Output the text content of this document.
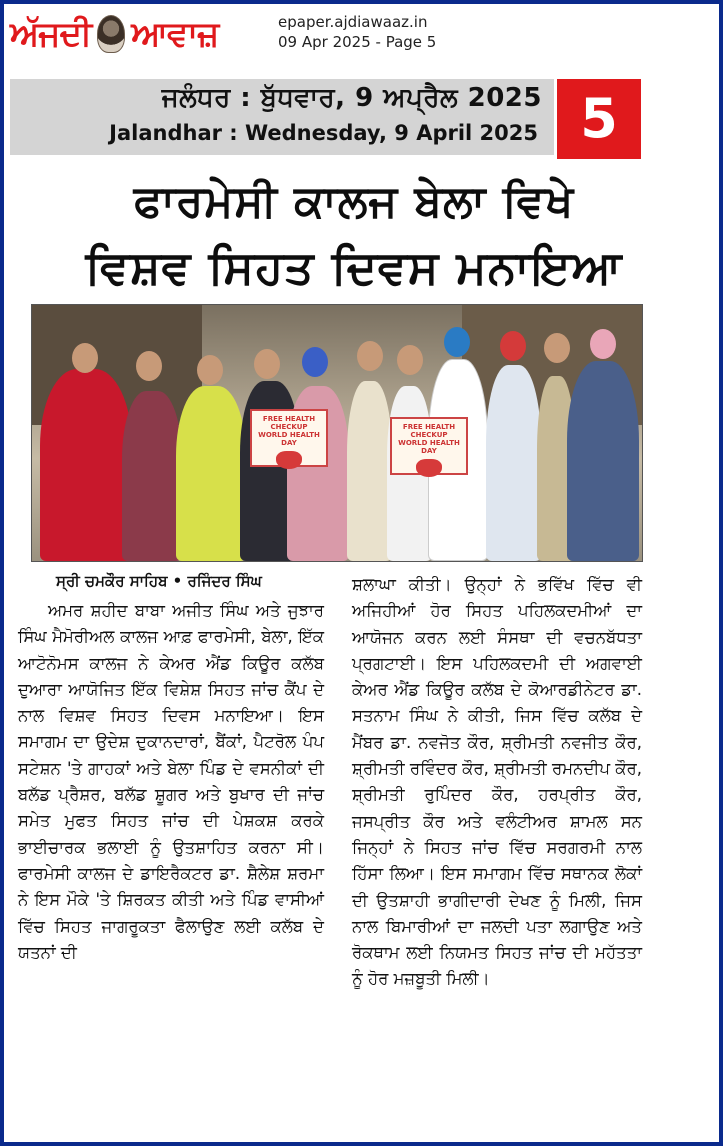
ਅੱਜਦੀ ਆਵਾਜ਼	epaper.ajdiawaaz.in
09 Apr 2025 - Page 5
ਜਲੰਧਰ : ਬੁੱਧਵਾਰ, 9 ਅਪ੍ਰੈਲ 2025
Jalandhar : Wednesday, 9 April 2025 5
ਫਾਰਮੇਸੀ ਕਾਲਜ ਬੇਲਾ ਵਿਖੇ
ਵਿਸ਼ਵ ਸਿਹਤ ਦਿਵਸ ਮਨਾਇਆ
FREE HEALTH CHECKUP
WORLD HEALTH DAY
FREE HEALTH CHECKUP
WORLD HEALTH DAY
ਸ੍ਰੀ ਚਮਕੌਰ ਸਾਹਿਬ • ਰਜਿੰਦਰ ਸਿੰਘ
ਅਮਰ ਸ਼ਹੀਦ ਬਾਬਾ ਅਜੀਤ ਸਿੰਘ ਅਤੇ ਜੁਝਾਰ ਸਿੰਘ ਮੈਮੋਰੀਅਲ ਕਾਲਜ ਆਫ਼ ਫਾਰਮੇਸੀ, ਬੇਲਾ, ਇੱਕ ਆਟੋਨੋਮਸ ਕਾਲਜ ਨੇ ਕੇਅਰ ਐਂਡ ਕਿਊਰ ਕਲੱਬ ਦੁਆਰਾ ਆਯੋਜਿਤ ਇੱਕ ਵਿਸ਼ੇਸ਼ ਸਿਹਤ ਜਾਂਚ ਕੈਂਪ ਦੇ ਨਾਲ ਵਿਸ਼ਵ ਸਿਹਤ ਦਿਵਸ ਮਨਾਇਆ। ਇਸ ਸਮਾਗਮ ਦਾ ਉਦੇਸ਼ ਦੁਕਾਨਦਾਰਾਂ, ਬੈਂਕਾਂ, ਪੈਟਰੋਲ ਪੰਪ ਸਟੇਸ਼ਨ 'ਤੇ ਗਾਹਕਾਂ ਅਤੇ ਬੇਲਾ ਪਿੰਡ ਦੇ ਵਸਨੀਕਾਂ ਦੀ ਬਲੱਡ ਪ੍ਰੈਸ਼ਰ, ਬਲੱਡ ਸ਼ੂਗਰ ਅਤੇ ਬੁਖਾਰ ਦੀ ਜਾਂਚ ਸਮੇਤ ਮੁਫਤ ਸਿਹਤ ਜਾਂਚ ਦੀ ਪੇਸ਼ਕਸ਼ ਕਰਕੇ ਭਾਈਚਾਰਕ ਭਲਾਈ ਨੂੰ ਉਤਸ਼ਾਹਿਤ ਕਰਨਾ ਸੀ। ਫਾਰਮੇਸੀ ਕਾਲਜ ਦੇ ਡਾਇਰੈਕਟਰ ਡਾ. ਸ਼ੈਲੇਸ਼ ਸ਼ਰਮਾ ਨੇ ਇਸ ਮੌਕੇ 'ਤੇ ਸ਼ਿਰਕਤ ਕੀਤੀ ਅਤੇ ਪਿੰਡ ਵਾਸੀਆਂ ਵਿੱਚ ਸਿਹਤ ਜਾਗਰੂਕਤਾ ਫੈਲਾਉਣ ਲਈ ਕਲੱਬ ਦੇ ਯਤਨਾਂ ਦੀ
ਸ਼ਲਾਘਾ ਕੀਤੀ। ਉਨ੍ਹਾਂ ਨੇ ਭਵਿੱਖ ਵਿੱਚ ਵੀ ਅਜਿਹੀਆਂ ਹੋਰ ਸਿਹਤ ਪਹਿਲਕਦਮੀਆਂ ਦਾ ਆਯੋਜਨ ਕਰਨ ਲਈ ਸੰਸਥਾ ਦੀ ਵਚਨਬੱਧਤਾ ਪ੍ਰਗਟਾਈ। ਇਸ ਪਹਿਲਕਦਮੀ ਦੀ ਅਗਵਾਈ ਕੇਅਰ ਐਂਡ ਕਿਊਰ ਕਲੱਬ ਦੇ ਕੋਆਰਡੀਨੇਟਰ ਡਾ. ਸਤਨਾਮ ਸਿੰਘ ਨੇ ਕੀਤੀ, ਜਿਸ ਵਿੱਚ ਕਲੱਬ ਦੇ ਮੈਂਬਰ ਡਾ. ਨਵਜੋਤ ਕੌਰ, ਸ਼੍ਰੀਮਤੀ ਨਵਜੀਤ ਕੌਰ, ਸ਼੍ਰੀਮਤੀ ਰਵਿੰਦਰ ਕੌਰ, ਸ਼੍ਰੀਮਤੀ ਰਮਨਦੀਪ ਕੌਰ, ਸ਼੍ਰੀਮਤੀ ਰੁਪਿੰਦਰ ਕੌਰ, ਹਰਪ੍ਰੀਤ ਕੌਰ, ਜਸਪ੍ਰੀਤ ਕੌਰ ਅਤੇ ਵਲੰਟੀਅਰ ਸ਼ਾਮਲ ਸਨ ਜਿਨ੍ਹਾਂ ਨੇ ਸਿਹਤ ਜਾਂਚ ਵਿੱਚ ਸਰਗਰਮੀ ਨਾਲ ਹਿੱਸਾ ਲਿਆ। ਇਸ ਸਮਾਗਮ ਵਿੱਚ ਸਥਾਨਕ ਲੋਕਾਂ ਦੀ ਉਤਸ਼ਾਹੀ ਭਾਗੀਦਾਰੀ ਦੇਖਣ ਨੂੰ ਮਿਲੀ, ਜਿਸ ਨਾਲ ਬਿਮਾਰੀਆਂ ਦਾ ਜਲਦੀ ਪਤਾ ਲਗਾਉਣ ਅਤੇ ਰੋਕਥਾਮ ਲਈ ਨਿਯਮਤ ਸਿਹਤ ਜਾਂਚ ਦੀ ਮਹੱਤਤਾ ਨੂੰ ਹੋਰ ਮਜ਼ਬੂਤੀ ਮਿਲੀ।
